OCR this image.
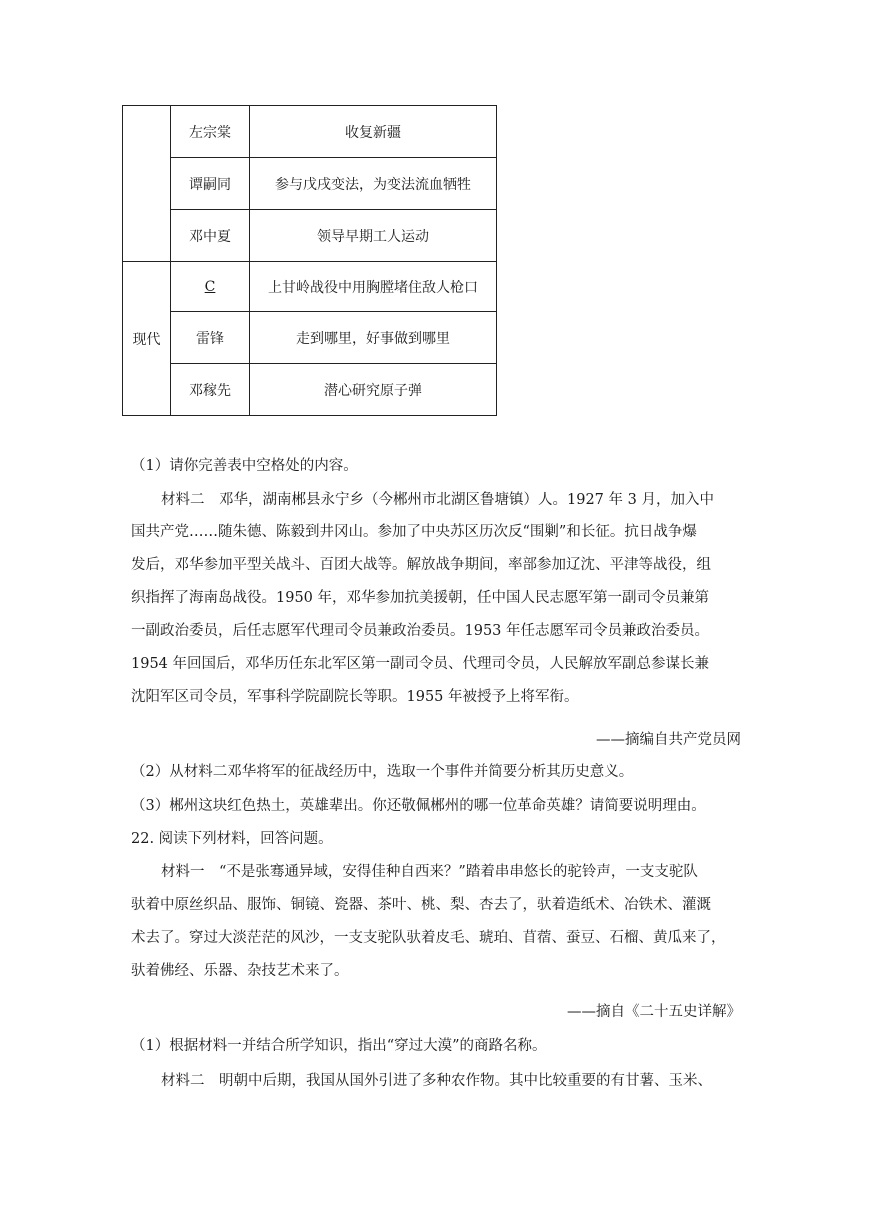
	左宗棠	收复新疆
	谭嗣同	参与戊戌变法，为变法流血牺牲
	邓中夏	领导早期工人运动
现代	C	上甘岭战役中用胸膛堵住敌人枪口
	雷锋	走到哪里，好事做到哪里
	邓稼先	潜心研究原子弹
（1）请你完善表中空格处的内容。
材料二　邓华，湖南郴县永宁乡（今郴州市北湖区鲁塘镇）人。1927 年 3 月，加入中
国共产党……随朱德、陈毅到井冈山。参加了中央苏区历次反“围剿”和长征。抗日战争爆
发后，邓华参加平型关战斗、百团大战等。解放战争期间，率部参加辽沈、平津等战役，组
织指挥了海南岛战役。1950 年，邓华参加抗美援朝，任中国人民志愿军第一副司令员兼第
一副政治委员，后任志愿军代理司令员兼政治委员。1953 年任志愿军司令员兼政治委员。
1954 年回国后，邓华历任东北军区第一副司令员、代理司令员，人民解放军副总参谋长兼
沈阳军区司令员，军事科学院副院长等职。1955 年被授予上将军衔。
——摘编自共产党员网
（2）从材料二邓华将军的征战经历中，选取一个事件并简要分析其历史意义。
（3）郴州这块红色热土，英雄辈出。你还敬佩郴州的哪一位革命英雄？请简要说明理由。
22. 阅读下列材料，回答问题。
材料一　“不是张骞通异域，安得佳种自西来？”踏着串串悠长的驼铃声，一支支驼队
驮着中原丝织品、服饰、铜镜、瓷器、茶叶、桃、梨、杏去了，驮着造纸术、冶铁术、灌溉
术去了。穿过大淡茫茫的风沙，一支支驼队驮着皮毛、琥珀、苜蓿、蚕豆、石榴、黄瓜来了，
驮着佛经、乐器、杂技艺术来了。
——摘自《二十五史详解》
（1）根据材料一并结合所学知识，指出“穿过大漠”的商路名称。
材料二　明朝中后期，我国从国外引进了多种农作物。其中比较重要的有甘薯、玉米、
